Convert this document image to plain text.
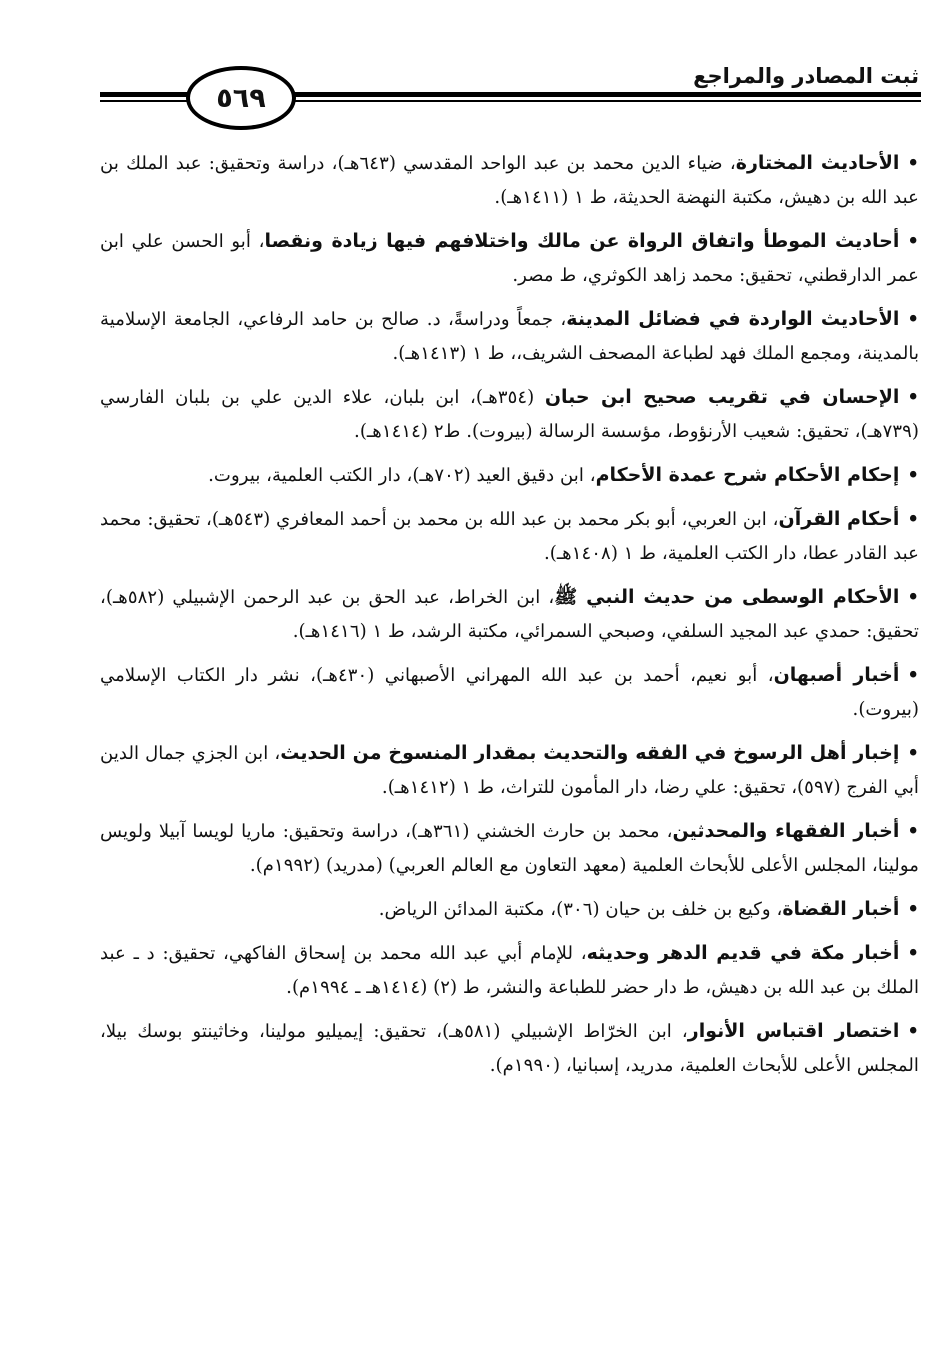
ثبت المصادر والمراجع
٥٦٩

•الأحاديث المختارة، ضياء الدين محمد بن عبد الواحد المقدسي (٦٤٣هـ)، دراسة وتحقيق: عبد الملك بن عبد الله بن دهيش، مكتبة النهضة الحديثة، ط ١ (١٤١١هـ).

•أحاديث الموطأ واتفاق الرواة عن مالك واختلافهم فيها زيادة ونقصا، أبو الحسن علي ابن عمر الدارقطني، تحقيق: محمد زاهد الكوثري، ط مصر.

•الأحاديث الواردة في فضائل المدينة، جمعاً ودراسةً، د. صالح بن حامد الرفاعي، الجامعة الإسلامية بالمدينة، ومجمع الملك فهد لطباعة المصحف الشريف،، ط ١ (١٤١٣هـ).

•الإحسان في تقريب صحيح ابن حبان (٣٥٤هـ)، ابن بلبان، علاء الدين علي بن بلبان الفارسي (٧٣٩هـ)، تحقيق: شعيب الأرنؤوط، مؤسسة الرسالة (بيروت). ط٢ (١٤١٤هـ).

•إحكام الأحكام شرح عمدة الأحكام، ابن دقيق العيد (٧٠٢هـ)، دار الكتب العلمية، بيروت.

•أحكام القرآن، ابن العربي، أبو بكر محمد بن عبد الله بن محمد بن أحمد المعافري (٥٤٣هـ)، تحقيق: محمد عبد القادر عطا، دار الكتب العلمية، ط ١ (١٤٠٨هـ).

•الأحكام الوسطى من حديث النبي ﷺ، ابن الخراط، عبد الحق بن عبد الرحمن الإشبيلي (٥٨٢هـ)، تحقيق: حمدي عبد المجيد السلفي، وصبحي السمرائي، مكتبة الرشد، ط ١ (١٤١٦هـ).

•أخبار أصبهان، أبو نعيم، أحمد بن عبد الله المهراني الأصبهاني (٤٣٠هـ)، نشر دار الكتاب الإسلامي (بيروت).

•إخبار أهل الرسوخ في الفقه والتحديث بمقدار المنسوخ من الحديث، ابن الجزي جمال الدين أبي الفرج (٥٩٧)، تحقيق: علي رضا، دار المأمون للتراث، ط ١ (١٤١٢هـ).

•أخبار الفقهاء والمحدثين، محمد بن حارث الخشني (٣٦١هـ)، دراسة وتحقيق: ماريا لويسا آبيلا ولويس مولينا، المجلس الأعلى للأبحاث العلمية (معهد التعاون مع العالم العربي) (مدريد) (١٩٩٢م).

•أخبار القضاة، وكيع بن خلف بن حيان (٣٠٦)، مكتبة المدائن الرياض.

•أخبار مكة في قديم الدهر وحديثه، للإمام أبي عبد الله محمد بن إسحاق الفاكهي، تحقيق: د ـ عبد الملك بن عبد الله بن دهيش، ط دار حضر للطباعة والنشر، ط (٢) (١٤١٤هـ ـ ١٩٩٤م).

•اختصار اقتباس الأنوار، ابن الخرّاط الإشبيلي (٥٨١هـ)، تحقيق: إيميليو مولينا، وخاثينتو بوسك بيلا، المجلس الأعلى للأبحاث العلمية، مدريد، إسبانيا، (١٩٩٠م).
